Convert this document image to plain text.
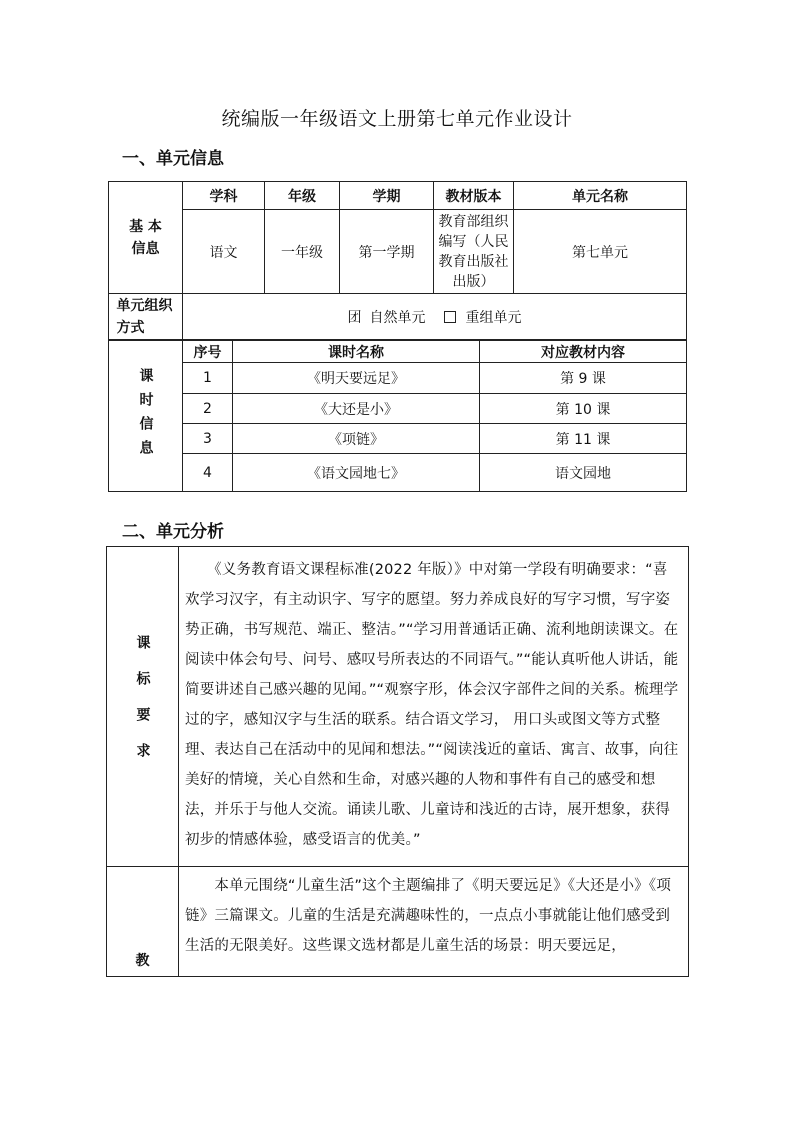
统编版一年级语文上册第七单元作业设计
一、单元信息
基 本 信息	学科	年级	学期	教材版本	单元名称
	语文	一年级	第一学期	教育部组织编写（人民教育出版社出版）	第七单元

单元组织方式	团 自然单元 重组单元				
课时信息	序号	课时名称	对应教材内容
	1	《明天要远足》	第 9 课
	2	《大还是小》	第 10 课
	3	《项链》	第 11 课
	4	《语文园地七》	语文园地
二、单元分析
课标要求	　　《义务教育语文课程标准(2022 年版）》中对第一学段有明确要求：“喜欢学习汉字，有主动识字、写字的愿望。努力养成良好的写字习惯，写字姿势正确，书写规范、端正、整洁。”“学习用普通话正确、流利地朗读课文。在阅读中体会句号、问号、感叹号所表达的不同语气。”“能认真听他人讲话，能简要讲述自己感兴趣的见闻。”“观察字形，体会汉字部件之间的关系。梳理学过的字，感知汉字与生活的联系。结合语文学习， 用口头或图文等方式整理、表达自己在活动中的见闻和想法。”“阅读浅近的童话、寓言、故事，向往美好的情境，关心自然和生命，对感兴趣的人物和事件有自己的感受和想法，并乐于与他人交流。诵读儿歌、儿童诗和浅近的古诗，展开想象，获得初步的情感体验，感受语言的优美。”
教	　　本单元围绕“儿童生活”这个主题编排了《明天要远足》《大还是小》《项链》三篇课文。儿童的生活是充满趣味性的，一点点小事就能让他们感受到生活的无限美好。这些课文选材都是儿童生活的场景：明天要远足，
